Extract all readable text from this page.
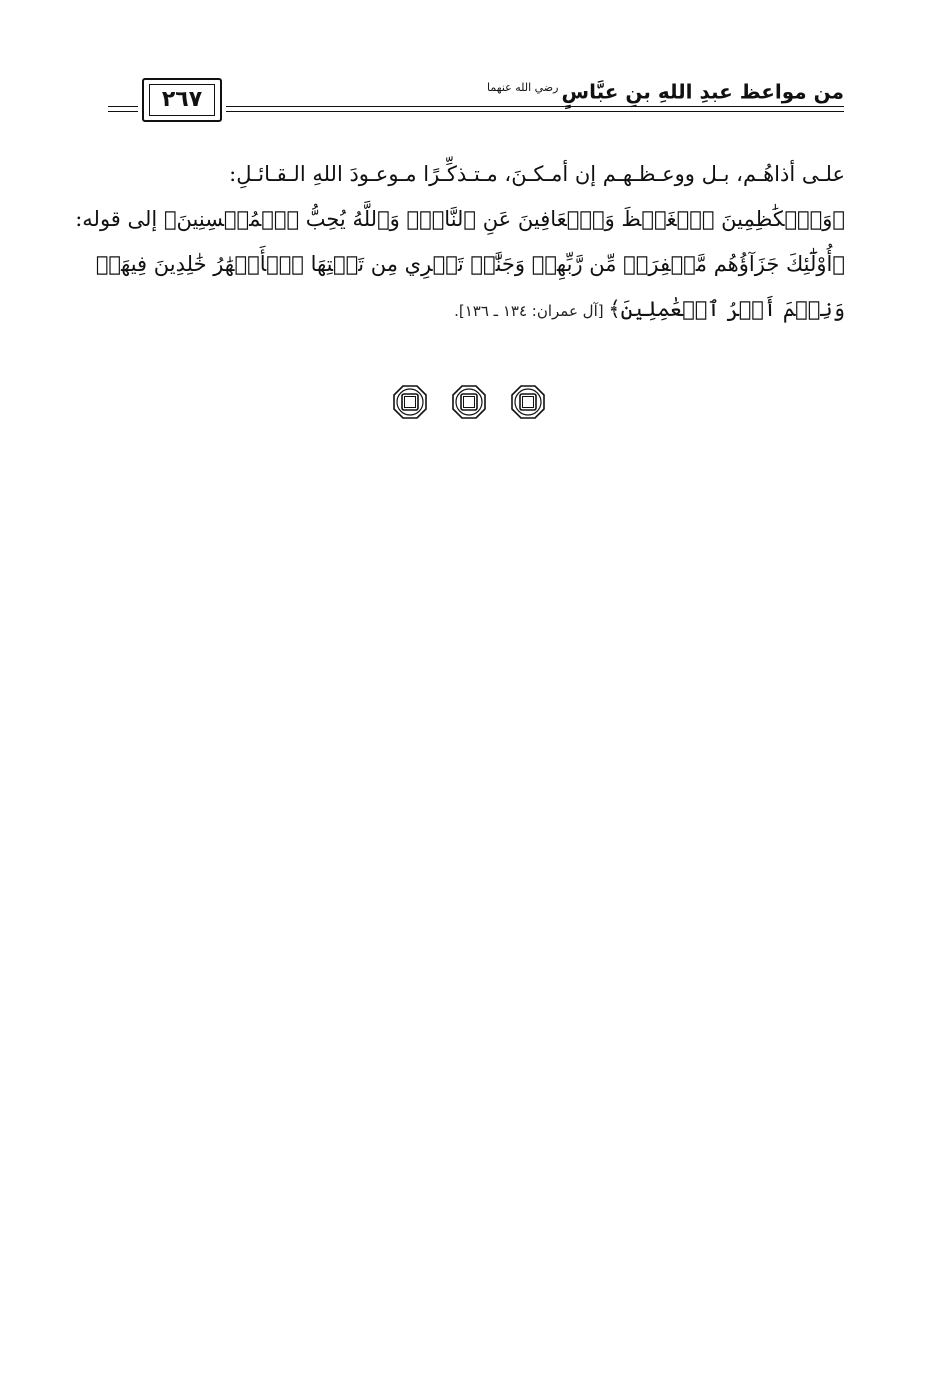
من مواعظ عبدِ اللهِ بنِ عبَّاسٍرضي الله عنهما
٢٦٧
علـى أذاهُـم، بـل ووعـظـهـم إن أمـكـنَ، مـتـذكِّـرًا مـوعـودَ اللهِ الـقـائـلِ:
﴿وَٱلۡكَٰظِمِينَ ٱلۡغَيۡظَ وَٱلۡعَافِينَ عَنِ ٱلنَّاسِۗ وَٱللَّهُ يُحِبُّ ٱلۡمُحۡسِنِينَ﴾ إلى قوله:
﴿أُوْلَٰٓئِكَ جَزَآؤُهُم مَّغۡفِرَةٞ مِّن رَّبِّهِمۡ وَجَنَّٰتٞ تَجۡرِي مِن تَحۡتِهَا ٱلۡأَنۡهَٰرُ خَٰلِدِينَ فِيهَاۚ
وَنِعۡمَ أَجۡرُ ٱلۡعَٰمِلِينَ﴾ [آل عمران: ١٣٤ ـ ١٣٦].
